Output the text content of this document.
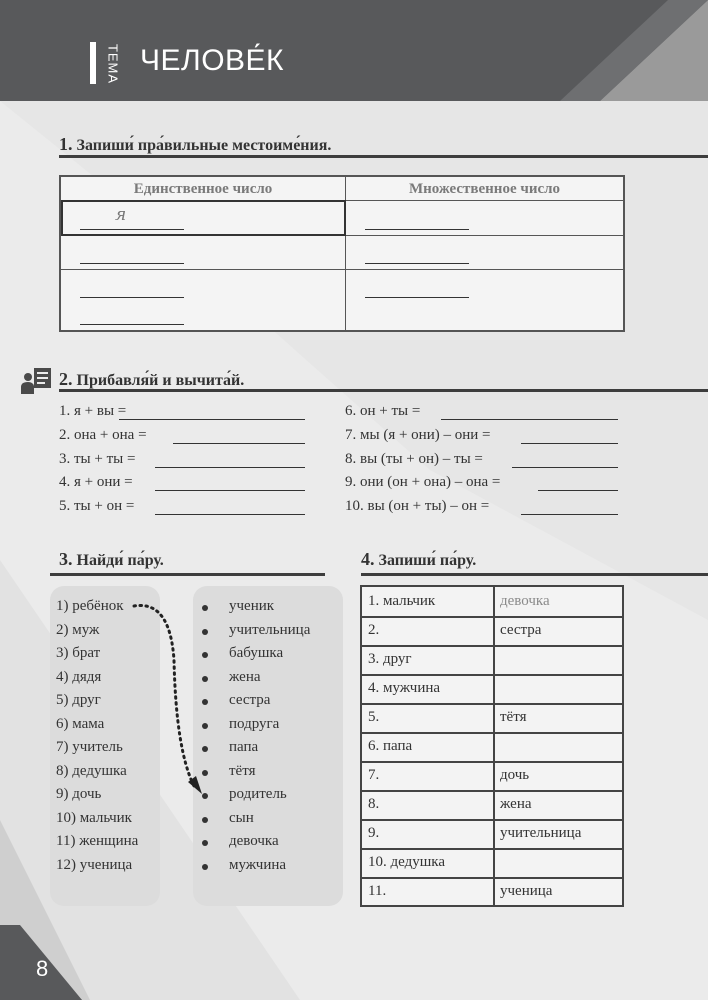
ТЕМА ЧЕЛОВЕ́К
1. Запиши́ пра́вильные местоиме́ния.
Единственное число	Множественное число
я
2. Прибавля́й и вычита́й.
1. я + вы =
2. она + она =
3. ты + ты =
4. я + они =
5. ты + он =
6. он + ты =
7. мы (я + они) – они =
8. вы (ты + он) – ты =
9. они (он + она) – она =
10. вы (он + ты) – он =
3. Найди́ па́ру.
1) ребёнок
2) муж
3) брат
4) дядя
5) друг
6) мама
7) учитель
8) дедушка
9) дочь
10) мальчик
11) женщина
12) ученица
ученик
учительница
бабушка
жена
сестра
подруга
папа
тётя
родитель
сын
девочка
мужчина
4. Запиши́ па́ру.
1. мальчик	девочка
2.	сестра
3. друг
4. мужчина
5.	тётя
6. папа
7.	дочь
8.	жена
9.	учительница
10. дедушка
11.	ученица
8
